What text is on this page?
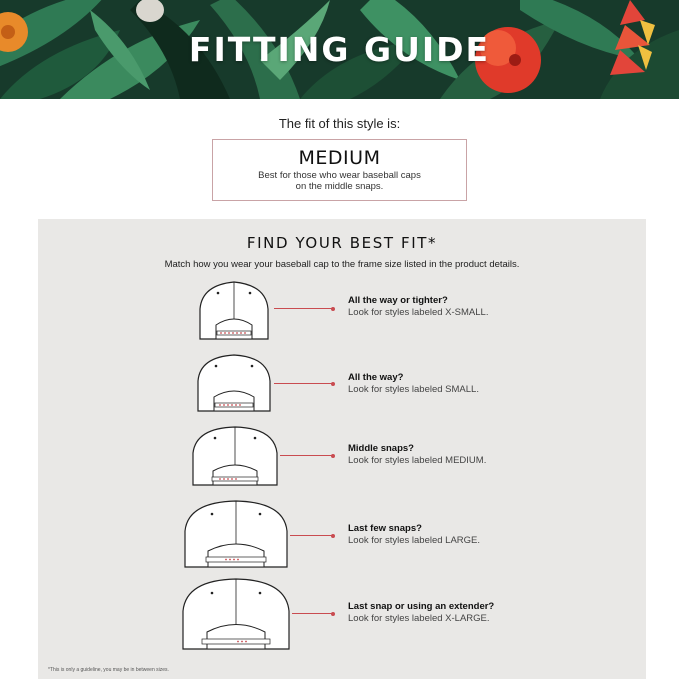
FITTING GUIDE
The fit of this style is:
MEDIUM
Best for those who wear baseball caps
on the middle snaps.
FIND YOUR BEST FIT*
Match how you wear your baseball cap to the frame size listed in the product details.
All the way or tighter?
Look for styles labeled X-SMALL.
All the way?
Look for styles labeled SMALL.
Middle snaps?
Look for styles labeled MEDIUM.
Last few snaps?
Look for styles labeled LARGE.
Last snap or using an extender?
Look for styles labeled X-LARGE.
*This is only a guideline, you may be in between sizes.
